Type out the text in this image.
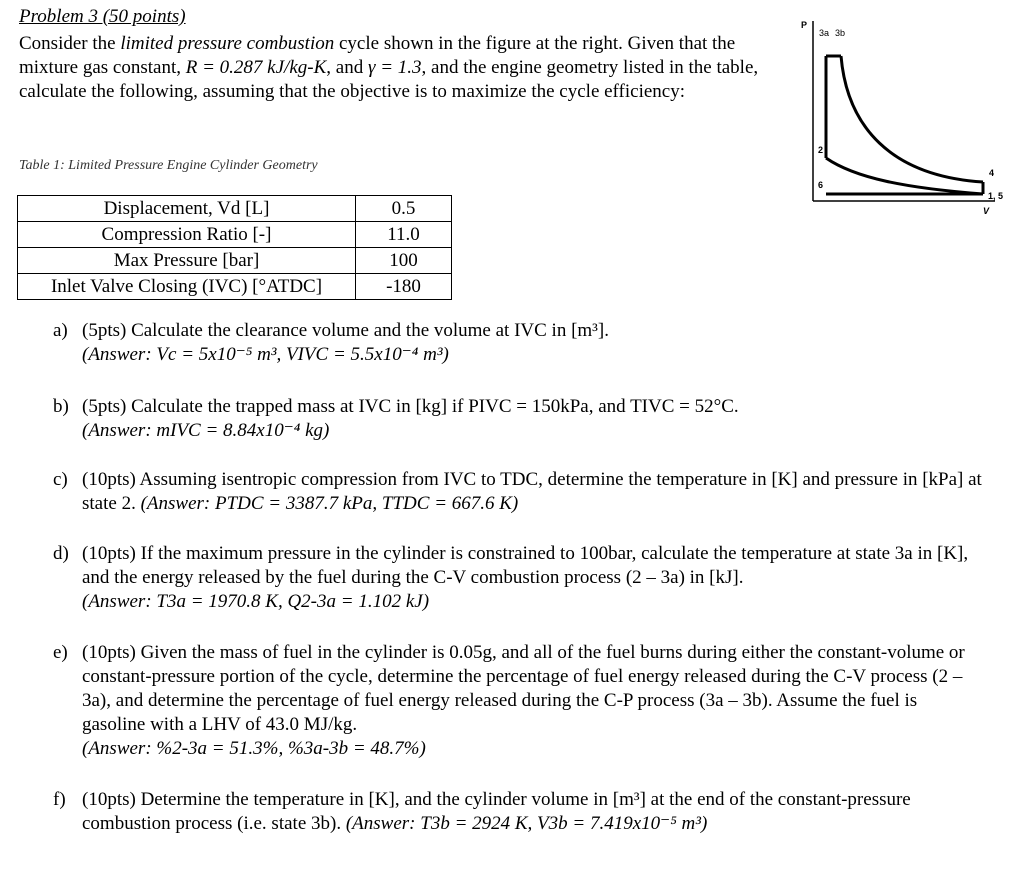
Problem 3 (50 points)
Consider the limited pressure combustion cycle shown in the figure at the right. Given that the mixture gas constant, R = 0.287 kJ/kg-K, and γ = 1.3, and the engine geometry listed in the table, calculate the following, assuming that the objective is to maximize the cycle efficiency:
Table 1: Limited Pressure Engine Cylinder Geometry
Displacement, Vd [L]	0.5
Compression Ratio [-]	11.0
Max Pressure [bar]	100
Inlet Valve Closing (IVC) [°ATDC]	-180
a) (5pts) Calculate the clearance volume and the volume at IVC in [m³].
(Answer: Vc = 5x10⁻⁵ m³, VIVC = 5.5x10⁻⁴ m³)
b) (5pts) Calculate the trapped mass at IVC in [kg] if PIVC = 150kPa, and TIVC = 52°C.
(Answer: mIVC = 8.84x10⁻⁴ kg)
c) (10pts) Assuming isentropic compression from IVC to TDC, determine the temperature in [K] and pressure in [kPa] at state 2. (Answer: PTDC = 3387.7 kPa, TTDC = 667.6 K)
d) (10pts) If the maximum pressure in the cylinder is constrained to 100bar, calculate the temperature at state 3a in [K], and the energy released by the fuel during the C-V combustion process (2 – 3a) in [kJ].
(Answer: T3a = 1970.8 K, Q2-3a = 1.102 kJ)
e) (10pts) Given the mass of fuel in the cylinder is 0.05g, and all of the fuel burns during either the constant-volume or constant-pressure portion of the cycle, determine the percentage of fuel energy released during the C-V process (2 – 3a), and determine the percentage of fuel energy released during the C-P process (3a – 3b). Assume the fuel is gasoline with a LHV of 43.0 MJ/kg.
(Answer: %2-3a = 51.3%, %3a-3b = 48.7%)
f) (10pts) Determine the temperature in [K], and the cylinder volume in [m³] at the end of the constant-pressure combustion process (i.e. state 3b). (Answer: T3b = 2924 K, V3b = 7.419x10⁻⁵ m³)
P
V
3a 3b
2
4
6
1, 5
